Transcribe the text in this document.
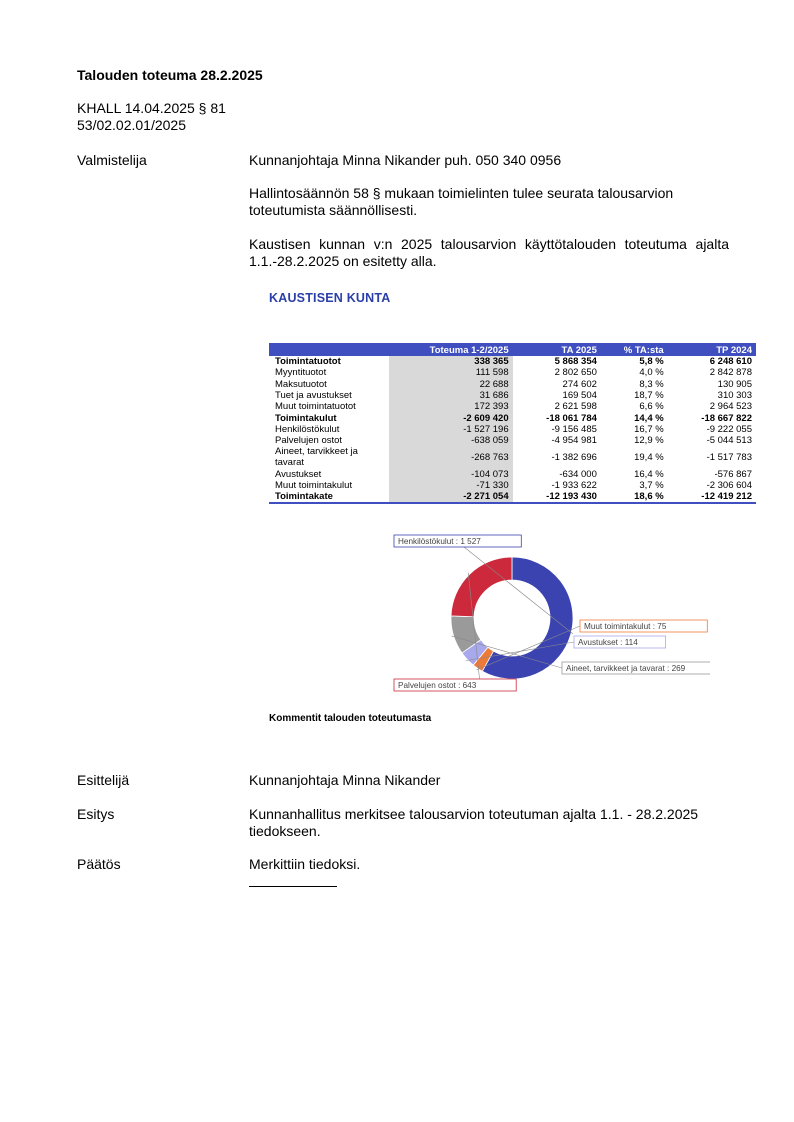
Talouden toteuma 28.2.2025
KHALL 14.04.2025 § 81
53/02.02.01/2025
Valmistelija	Kunnanjohtaja Minna Nikander puh. 050 340 0956
Hallintosäännön 58 § mukaan toimielinten tulee seurata talousarvion toteutumista säännöllisesti.
Kaustisen kunnan v:n 2025 talousarvion käyttötalouden toteutuma ajalta 1.1.-28.2.2025 on esitetty alla.
KAUSTISEN KUNTA
	Toteuma 1-2/2025	TA 2025	% TA:sta	TP 2024
Toimintatuotot	338 365	5 868 354	5,8 %	6 248 610
Myyntituotot	111 598	2 802 650	4,0 %	2 842 878
Maksutuotot	22 688	274 602	8,3 %	130 905
Tuet ja avustukset	31 686	169 504	18,7 %	310 303
Muut toimintatuotot	172 393	2 621 598	6,6 %	2 964 523
Toimintakulut	-2 609 420	-18 061 784	14,4 %	-18 667 822
Henkilöstökulut	-1 527 196	-9 156 485	16,7 %	-9 222 055
Palvelujen ostot	-638 059	-4 954 981	12,9 %	-5 044 513
Aineet, tarvikkeet ja tavarat	-268 763	-1 382 696	19,4 %	-1 517 783
Avustukset	-104 073	-634 000	16,4 %	-576 867
Muut toimintakulut	-71 330	-1 933 622	3,7 %	-2 306 604
Toimintakate	-2 271 054	-12 193 430	18,6 %	-12 419 212
Henkilöstökulut : 1 527
Muut toimintakulut : 75
Avustukset : 114
Aineet, tarvikkeet ja tavarat : 269
Palvelujen ostot : 643
Kommentit talouden toteutumasta
Esittelijä	Kunnanjohtaja Minna Nikander
Esitys	Kunnanhallitus merkitsee talousarvion toteutuman ajalta 1.1. - 28.2.2025 tiedokseen.
Päätös	Merkittiin tiedoksi.
